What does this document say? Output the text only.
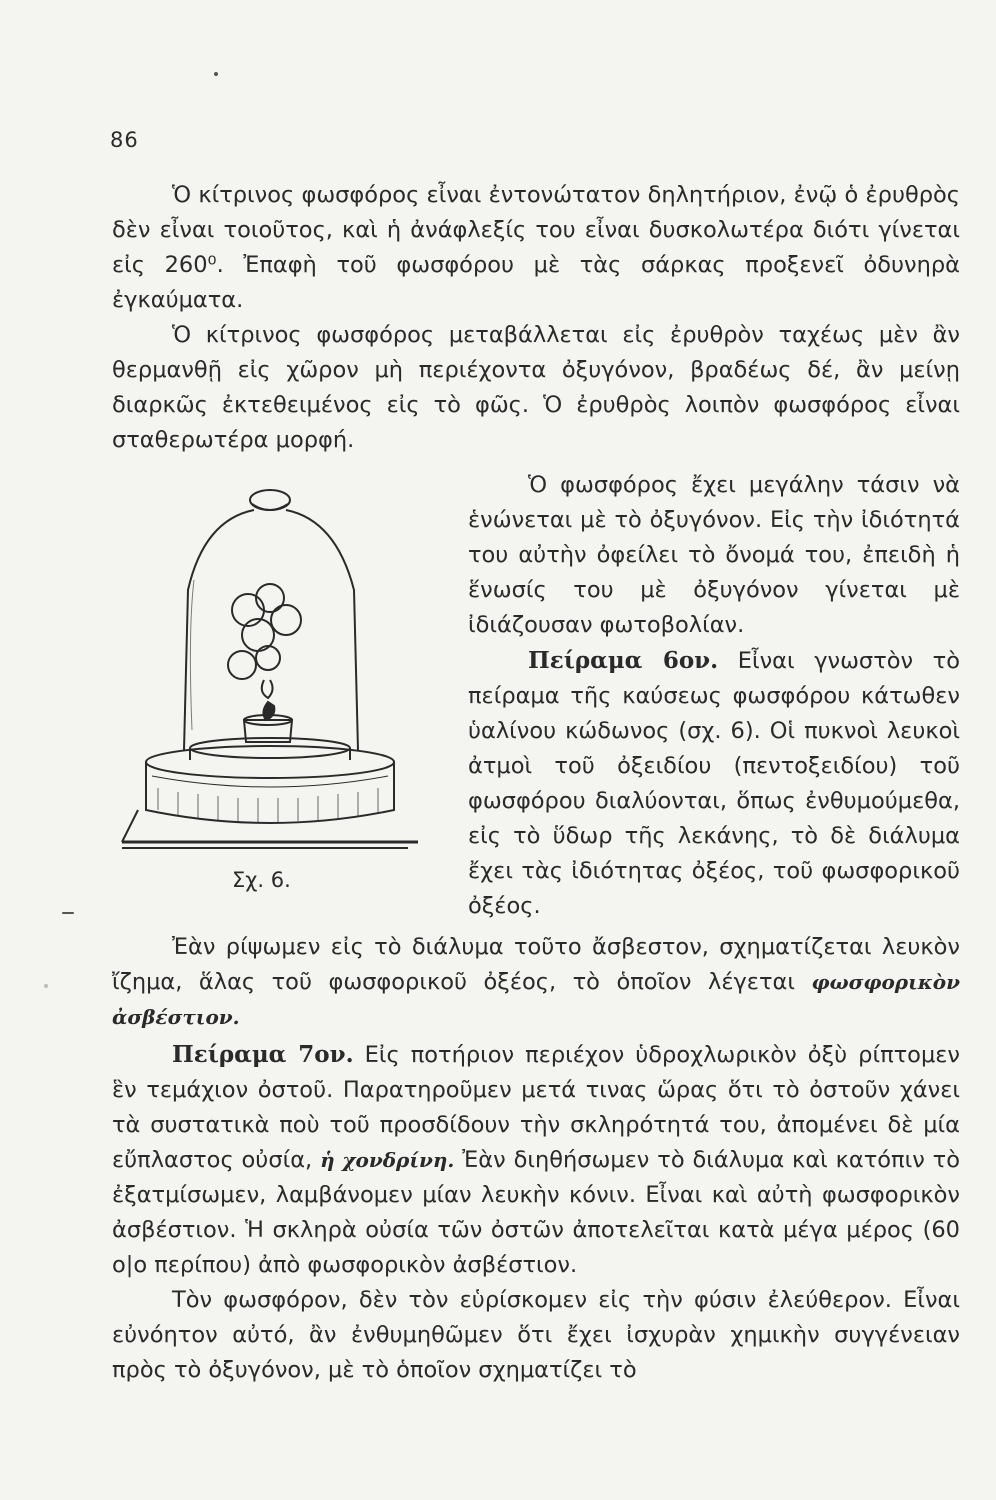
86

Ὁ κίτρινος φωσφόρος εἶναι ἐντονώτατον δηλητήριον, ἐνῷ ὁ ἐρυθρὸς δὲν εἶναι τοιοῦτος, καὶ ἡ ἀνάφλεξίς του εἶναι δυσκολωτέρα διότι γίνεται εἰς 260⁰. Ἐπαφὴ τοῦ φωσφόρου μὲ τὰς σάρκας προξενεῖ ὀδυνηρὰ ἐγκαύματα.

Ὁ κίτρινος φωσφόρος μεταβάλλεται εἰς ἐρυθρὸν ταχέως μὲν ἂν θερμανθῇ εἰς χῶρον μὴ περιέχοντα ὀξυγόνον, βραδέως δέ, ἂν μείνῃ διαρκῶς ἐκτεθειμένος εἰς τὸ φῶς. Ὁ ἐρυθρὸς λοιπὸν φωσφόρος εἶναι σταθερωτέρα μορφή.

Σχ. 6.

Ὁ φωσφόρος ἔχει μεγάλην τάσιν νὰ ἑνώνεται μὲ τὸ ὀξυγόνον. Εἰς τὴν ἰδιότητά του αὐτὴν ὀφείλει τὸ ὄνομά του, ἐπειδὴ ἡ ἕνωσίς του μὲ ὀξυγόνον γίνεται μὲ ἰδιάζουσαν φωτοβολίαν.

Πείραμα 6ον. Εἶναι γνωστὸν τὸ πείραμα τῆς καύσεως φωσφόρου κάτωθεν ὑαλίνου κώδωνος (σχ. 6). Οἱ πυκνοὶ λευκοὶ ἀτμοὶ τοῦ ὀξειδίου (πεντοξειδίου) τοῦ φωσφόρου διαλύονται, ὅπως ἐνθυμούμεθα, εἰς τὸ ὕδωρ τῆς λεκάνης, τὸ δὲ διάλυμα ἔχει τὰς ἰδιότητας ὀξέος, τοῦ φωσφορικοῦ ὀξέος.

Ἐὰν ρίψωμεν εἰς τὸ διάλυμα τοῦτο ἄσβεστον, σχηματίζεται λευκὸν ἴζημα, ἅλας τοῦ φωσφορικοῦ ὀξέος, τὸ ὁποῖον λέγεται φωσφορικὸν ἀσβέστιον.

Πείραμα 7ον. Εἰς ποτήριον περιέχον ὑδροχλωρικὸν ὀξὺ ρίπτομεν ἓν τεμάχιον ὀστοῦ. Παρατηροῦμεν μετά τινας ὥρας ὅτι τὸ ὀστοῦν χάνει τὰ συστατικὰ ποὺ τοῦ προσδίδουν τὴν σκληρότητά του, ἀπομένει δὲ μία εὔπλαστος οὐσία, ἡ χονδρίνη. Ἐὰν διηθήσωμεν τὸ διάλυμα καὶ κατόπιν τὸ ἐξατμίσωμεν, λαμβάνομεν μίαν λευκὴν κόνιν. Εἶναι καὶ αὐτὴ φωσφορικὸν ἀσβέστιον. Ἡ σκληρὰ οὐσία τῶν ὀστῶν ἀποτελεῖται κατὰ μέγα μέρος (60 ο|ο περίπου) ἀπὸ φωσφορικὸν ἀσβέστιον.

Τὸν φωσφόρον, δὲν τὸν εὑρίσκομεν εἰς τὴν φύσιν ἐλεύθερον. Εἶναι εὐνόητον αὐτό, ἂν ἐνθυμηθῶμεν ὅτι ἔχει ἰσχυρὰν χημικὴν συγγένειαν πρὸς τὸ ὀξυγόνον, μὲ τὸ ὁποῖον σχηματίζει τὸ
